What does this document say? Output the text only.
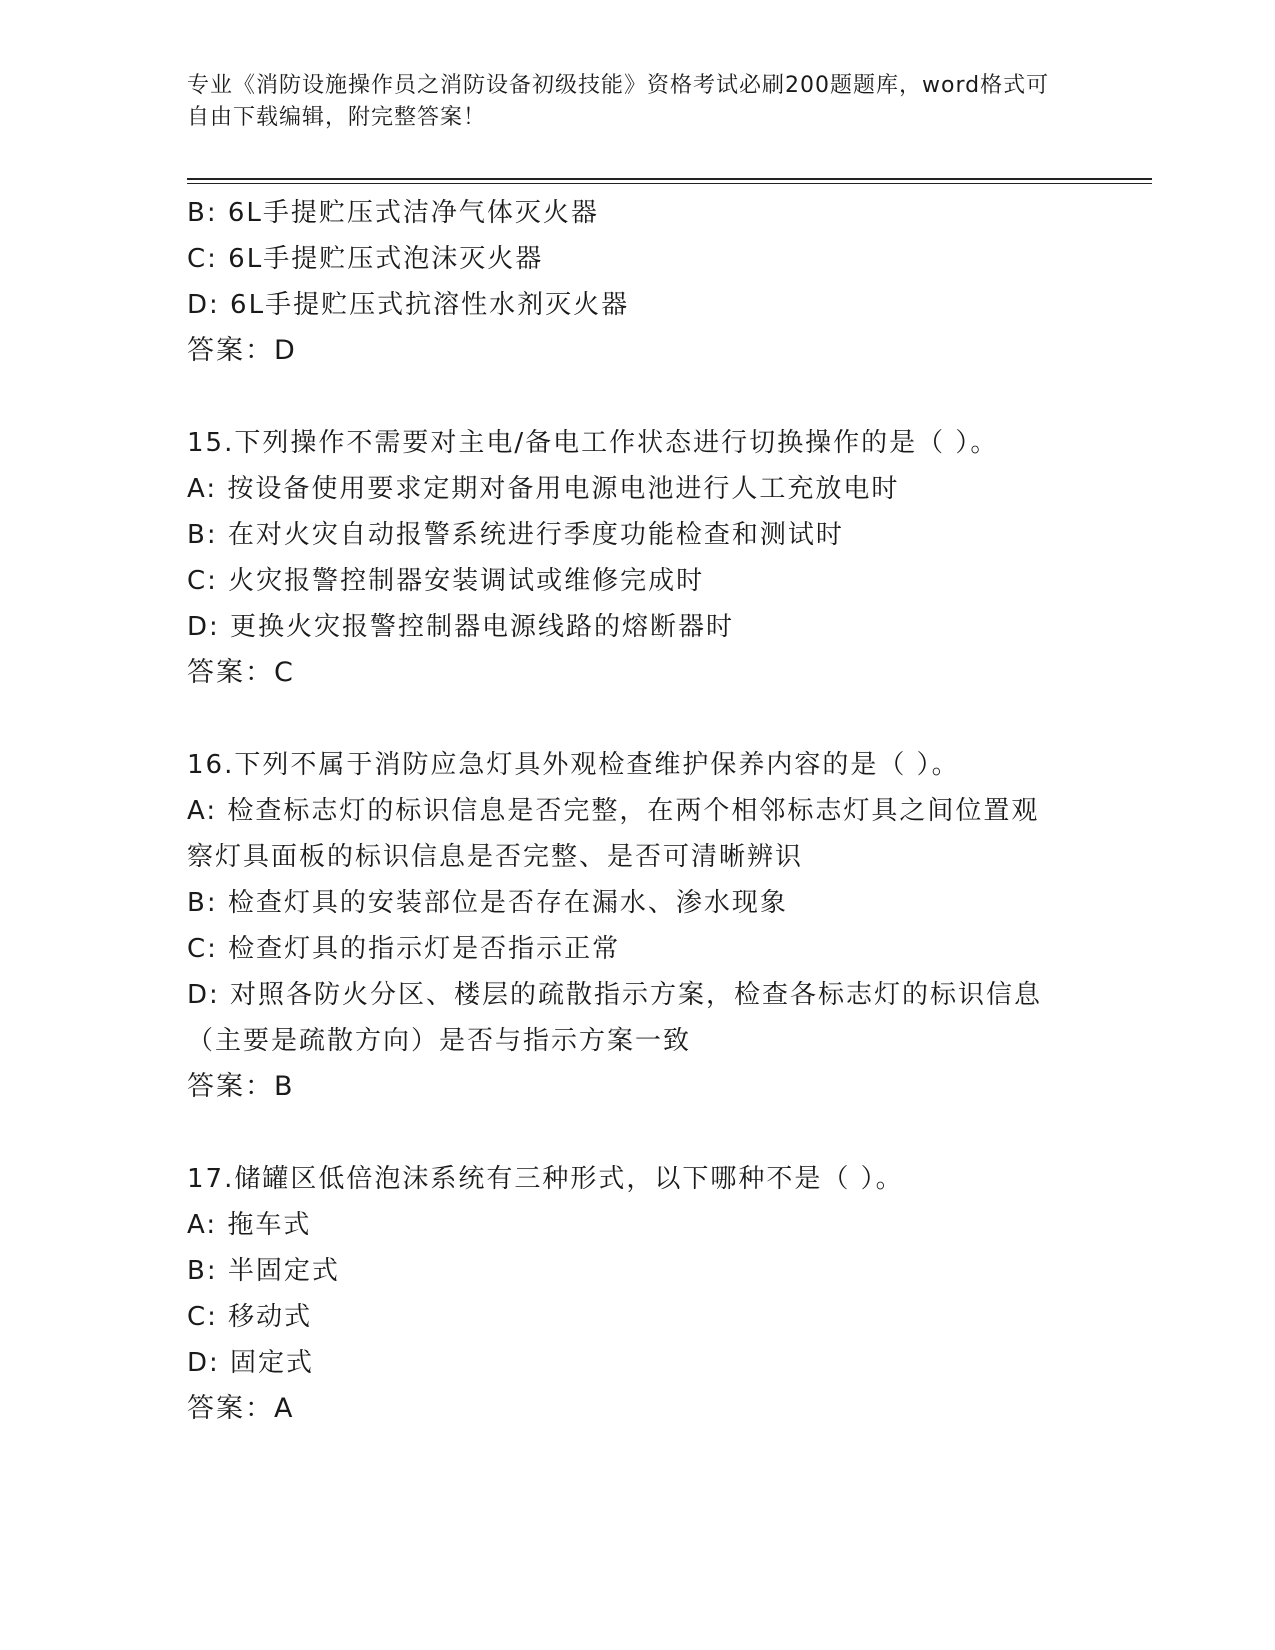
专业《消防设施操作员之消防设备初级技能》资格考试必刷200题题库，word格式可自由下载编辑，附完整答案！
B: 6L手提贮压式洁净气体灭火器
C: 6L手提贮压式泡沫灭火器
D: 6L手提贮压式抗溶性水剂灭火器
答案：D
15.下列操作不需要对主电/备电工作状态进行切换操作的是（ ）。
A: 按设备使用要求定期对备用电源电池进行人工充放电时
B: 在对火灾自动报警系统进行季度功能检查和测试时
C: 火灾报警控制器安装调试或维修完成时
D: 更换火灾报警控制器电源线路的熔断器时
答案：C
16.下列不属于消防应急灯具外观检查维护保养内容的是（ ）。
A: 检查标志灯的标识信息是否完整，在两个相邻标志灯具之间位置观
察灯具面板的标识信息是否完整、是否可清晰辨识
B: 检查灯具的安装部位是否存在漏水、渗水现象
C: 检查灯具的指示灯是否指示正常
D: 对照各防火分区、楼层的疏散指示方案，检查各标志灯的标识信息
（主要是疏散方向）是否与指示方案一致
答案：B
17.储罐区低倍泡沫系统有三种形式，以下哪种不是（ ）。
A: 拖车式
B: 半固定式
C: 移动式
D: 固定式
答案：A
